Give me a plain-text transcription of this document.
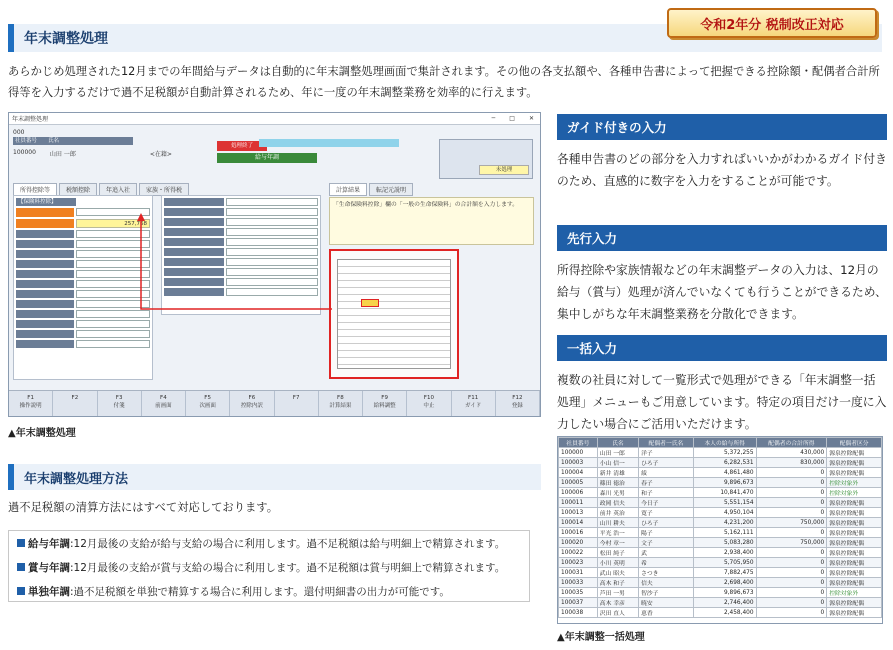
年末調整処理
令和2年分 税制改正対応
あらかじめ処理された12月までの年間給与データは自動的に年末調整処理画面で集計されます。その他の各支払額や、各種申告書によって把握できる控除額・配偶者合計所得等を入力するだけで過不足税額が自動計算されるため、年に一度の年末調整業務を効率的に行えます。
年末調整処理	─ □ ✕
000
社員番号　　氏名
100000 山田 一郎	<在籍>
処理終了
給与年調
未処理
所得控除等	税額控除	年追入社	家族・所得税	計算結果	転記元説明
【保険料控除】
257,768
「生命保険料控除」欄の「一般の生命保険料」の合計額を入力します。
F1
操作説明
F2	F3
付箋
F4
前画面
F5
次画面
F6
控除内訳
F7	F8
計算結果
F9
給料調整
F10
中止
F11
ガイド
F12
登録
▲年末調整処理
年末調整処理方法
過不足税額の清算方法にはすべて対応しております。
給与年調 :12月最後の支給が給与支給の場合に利用します。過不足税額は給与明細上で精算されます。
賞与年調 :12月最後の支給が賞与支給の場合に利用します。過不足税額は賞与明細上で精算されます。
単独年調 :過不足税額を単独で精算する場合に利用します。還付明細書の出力が可能です。
ガイド付きの入力
各種申告書のどの部分を入力すればいいかがわかるガイド付きのため、直感的に数字を入力をすることが可能です。
先行入力
所得控除や家族情報などの年末調整データの入力は、12月の給与（賞与）処理が済んでいなくても行うことができるため、集中しがちな年末調整業務を分散化できます。
一括入力
複数の社員に対して一覧形式で処理ができる「年末調整一括処理」メニューもご用意しています。特定の項目だけ一度に入力したい場合にご活用いただけます。
社員番号	氏名	配偶者一氏名	本人の給与所得	配偶者の合計所得	配偶者区分
100000	山田 一郎	洋子	5,372,255	430,000	源泉控除配偶
100003	小山 信一	ひろ子	6,282,531	830,000	源泉控除配偶
100004	新井 清雄	綾	4,861,480	0	源泉控除配偶
100005	篠田 徳治	春子	9,896,673	0	控除対象外
100006	森川 光男	和子	10,841,470	0	控除対象外
100011	政岡 信夫	今日子	5,551,154	0	源泉控除配偶
100013	前井 英治	寛子	4,950,104	0	源泉控除配偶
100014	山川 耕夫	ひろ子	4,231,200	750,000	源泉控除配偶
100016	平光 浩一	陽子	5,162,111	0	源泉控除配偶
100020	今村 章一	文子	5,083,280	750,000	源泉控除配偶
100022	松田 純子	武	2,938,400	0	源泉控除配偶
100023	小川 英明	希	5,705,950	0	源泉控除配偶
100031	武山 昭夫	さつき	7,882,475	0	源泉控除配偶
100033	高木 和子	信夫	2,698,400	0	源泉控除配偶
100035	芦田 一男	智沙子	9,896,673	0	控除対象外
100037	高木 幸彦	暁安	2,746,400	0	源泉控除配偶
100038	沢田 直人	恵香	2,458,400	0	源泉控除配偶
▲年末調整一括処理
